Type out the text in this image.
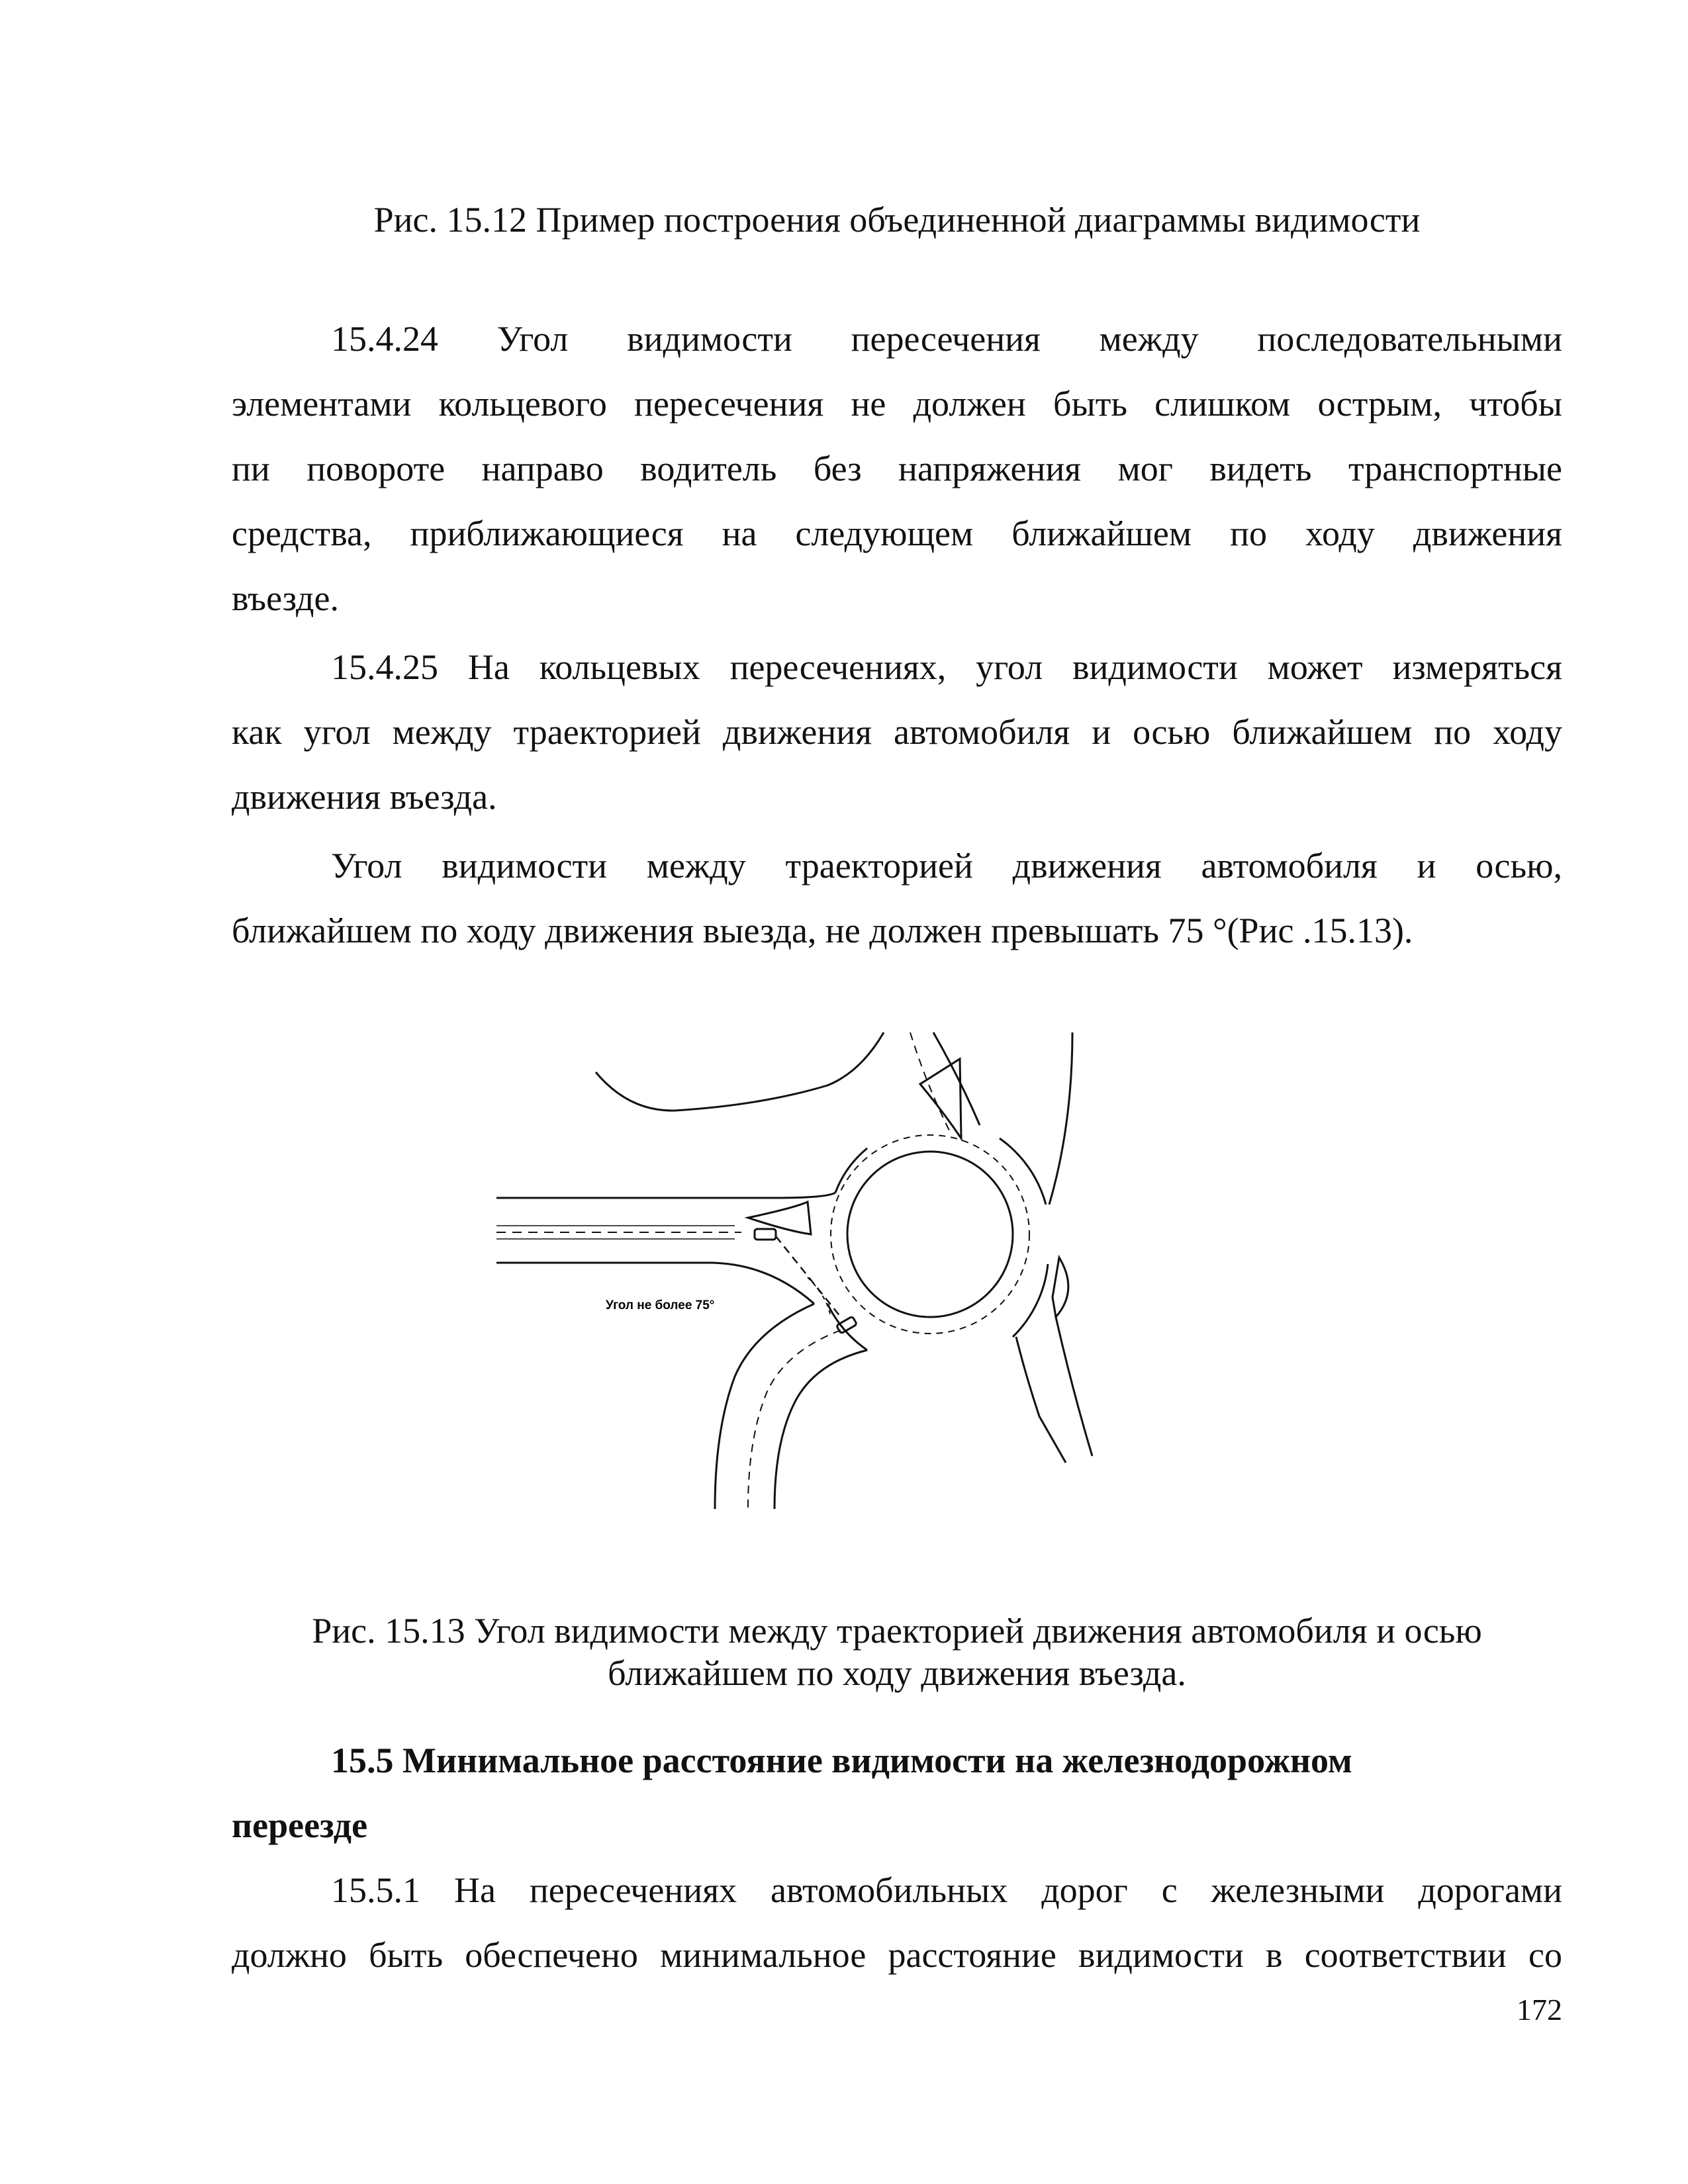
Рис. 15.12 Пример построения объединенной диаграммы видимости
15.4.24 Угол видимости пересечения между последовательными
элементами кольцевого пересечения не должен быть слишком острым, чтобы
пи повороте направо водитель без напряжения мог видеть транспортные
средства, приближающиеся на следующем ближайшем по ходу движения
въезде.
15.4.25 На кольцевых пересечениях, угол видимости может измеряться
как угол между траекторией движения автомобиля и осью ближайшем по ходу
движения въезда.
Угол видимости между траекторией движения автомобиля и осью,
ближайшем по ходу движения выезда, не должен превышать 75 °(Рис .15.13).
Угол не более 75°
Рис. 15.13 Угол видимости между траекторией движения автомобиля и осью
ближайшем по ходу движения въезда.
15.5 Минимальное расстояние видимости на железнодорожном
переезде
15.5.1 На пересечениях автомобильных дорог с железными дорогами
должно быть обеспечено минимальное расстояние видимости в соответствии со
172
